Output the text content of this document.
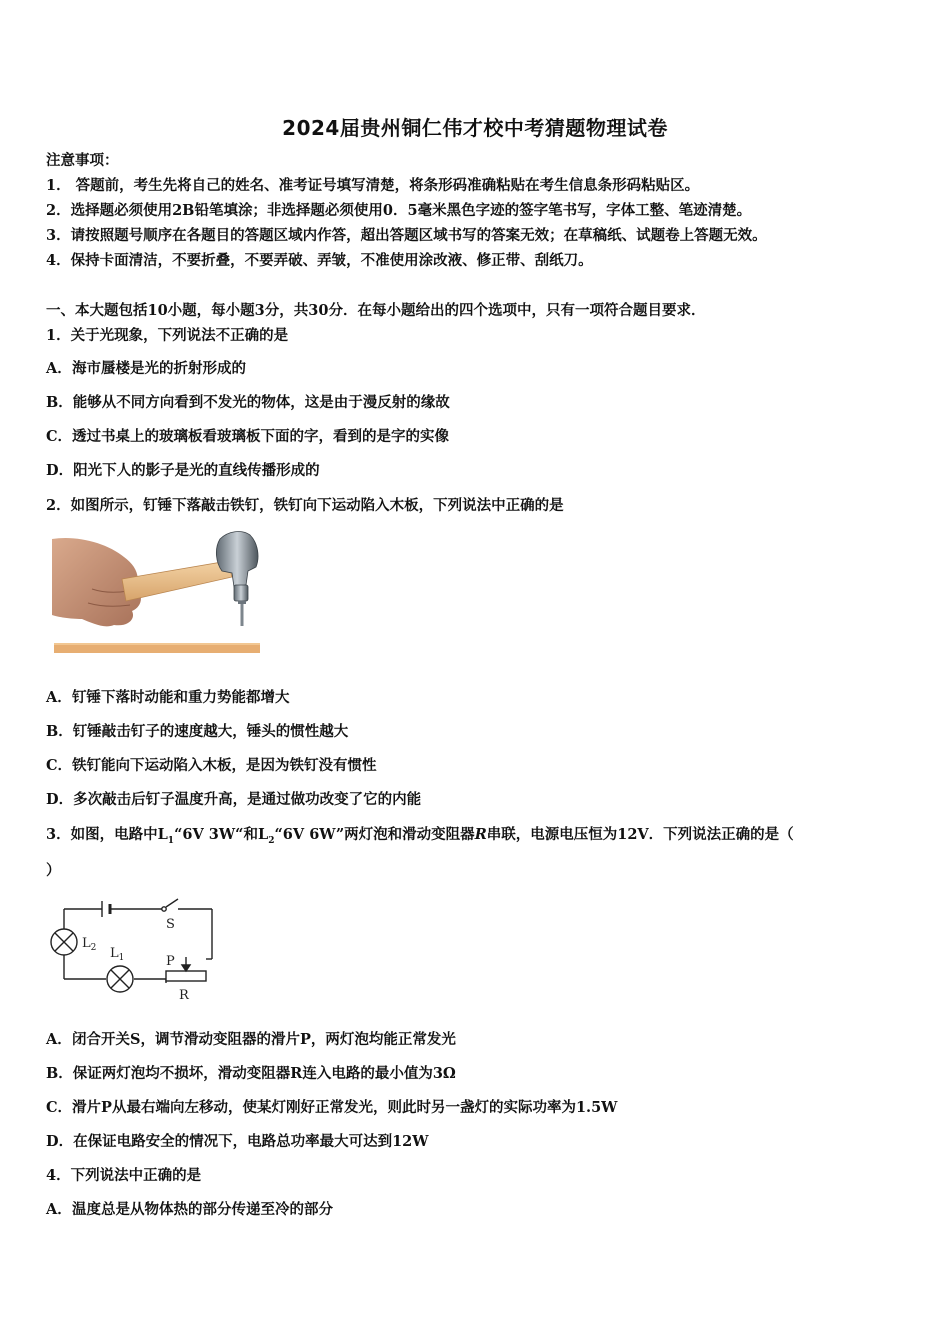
2024届贵州铜仁伟才校中考猜题物理试卷
注意事项：
1． 答题前，考生先将自己的姓名、准考证号填写清楚，将条形码准确粘贴在考生信息条形码粘贴区。
2．选择题必须使用2B铅笔填涂；非选择题必须使用0．5毫米黑色字迹的签字笔书写，字体工整、笔迹清楚。
3．请按照题号顺序在各题目的答题区域内作答，超出答题区域书写的答案无效；在草稿纸、试题卷上答题无效。
4．保持卡面清洁，不要折叠，不要弄破、弄皱，不准使用涂改液、修正带、刮纸刀。
一、本大题包括10小题，每小题3分，共30分．在每小题给出的四个选项中，只有一项符合题目要求．
1．关于光现象，下列说法不正确的是
A．海市蜃楼是光的折射形成的
B．能够从不同方向看到不发光的物体，这是由于漫反射的缘故
C．透过书桌上的玻璃板看玻璃板下面的字，看到的是字的实像
D．阳光下人的影子是光的直线传播形成的
2．如图所示，钉锤下落敲击铁钉，铁钉向下运动陷入木板，下列说法中正确的是
A．钉锤下落时动能和重力势能都增大
B．钉锤敲击钉子的速度越大，锤头的惯性越大
C．铁钉能向下运动陷入木板，是因为铁钉没有惯性
D．多次敲击后钉子温度升高，是通过做功改变了它的内能
3．如图，电路中$L_1“6V$ 3W“和$L_2“6V$ 6W”两灯泡和滑动变阻器R串联，电源电压恒为12V．下列说法正确的是（
）
S
$L_2$ $L_1$	P
R
A．闭合开关S，调节滑动变阻器的滑片P，两灯泡均能正常发光
B．保证两灯泡均不损坏，滑动变阻器R连入电路的最小值为3Ω
C．滑片P从最右端向左移动，使某灯刚好正常发光，则此时另一盏灯的实际功率为1.5W
D．在保证电路安全的情况下，电路总功率最大可达到12W
4．下列说法中正确的是
A．温度总是从物体热的部分传递至冷的部分
